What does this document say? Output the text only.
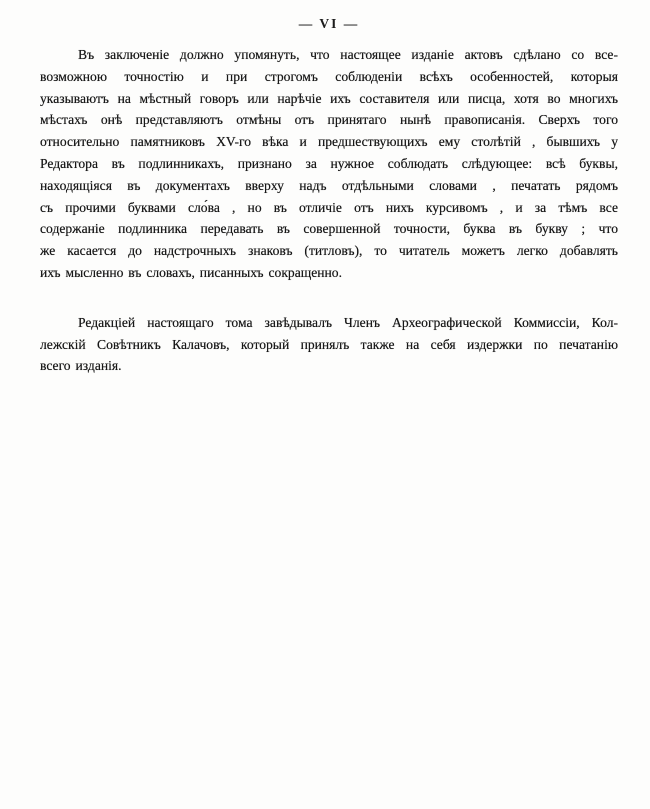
— VI —
Въ заключеніе должно упомянуть, что настоящее изданіе актовъ сдѣлано со все-
возможною точностію и при строгомъ соблюденіи всѣхъ особенностей, которыя
указываютъ на мѣстный говоръ или нарѣчіе ихъ составителя или писца, хотя во многихъ
мѣстахъ онѣ представляютъ отмѣны отъ принятаго нынѣ правописанія. Сверхъ того
относительно памятниковъ XV-го вѣка и предшествующихъ ему столѣтій , бывшихъ у
Редактора въ подлинникахъ, признано за нужное соблюдать слѣдующее: всѣ буквы,
находящіяся въ документахъ вверху надъ отдѣльными словами , печатать рядомъ
съ прочими буквами сло́ва , но въ отличіе отъ нихъ курсивомъ , и за тѣмъ все
содержаніе подлинника передавать въ совершенной точности, буква въ букву ; что
же касается до надстрочныхъ знаковъ (титловъ), то читатель можетъ легко добавлять
ихъ мысленно въ словахъ, писанныхъ сокращенно.
Редакціей настоящаго тома завѣдывалъ Членъ Археографической Коммиссіи, Кол-
лежскій Совѣтникъ Калачовъ, который принялъ также на себя издержки по печатанію
всего изданія.
